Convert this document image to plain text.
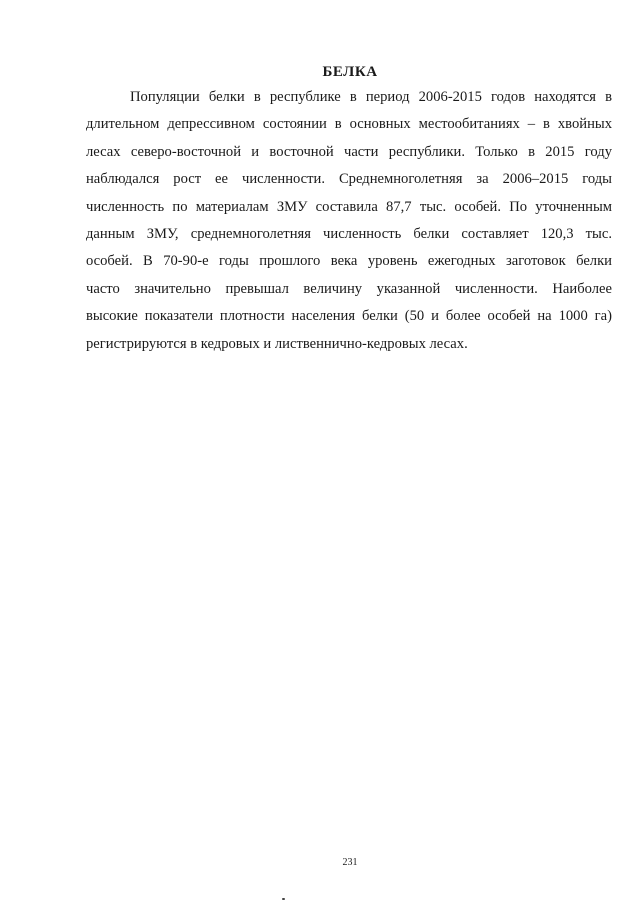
БЕЛКА
Популяции белки в республике в период 2006-2015 годов находятся в
длительном депрессивном состоянии в основных местообитаниях – в хвойных
лесах северо-восточной и восточной части республики. Только в 2015 году
наблюдался рост ее численности. Среднемноголетняя за 2006–2015 годы
численность по материалам ЗМУ составила 87,7 тыс. особей. По уточненным
данным ЗМУ, среднемноголетняя численность белки составляет 120,3 тыс.
особей. В 70-90-е годы прошлого века уровень ежегодных заготовок белки
часто значительно превышал величину указанной численности. Наиболее
высокие показатели плотности населения белки (50 и более особей на 1000 га)
регистрируются в кедровых и лиственнично-кедровых лесах.
231
